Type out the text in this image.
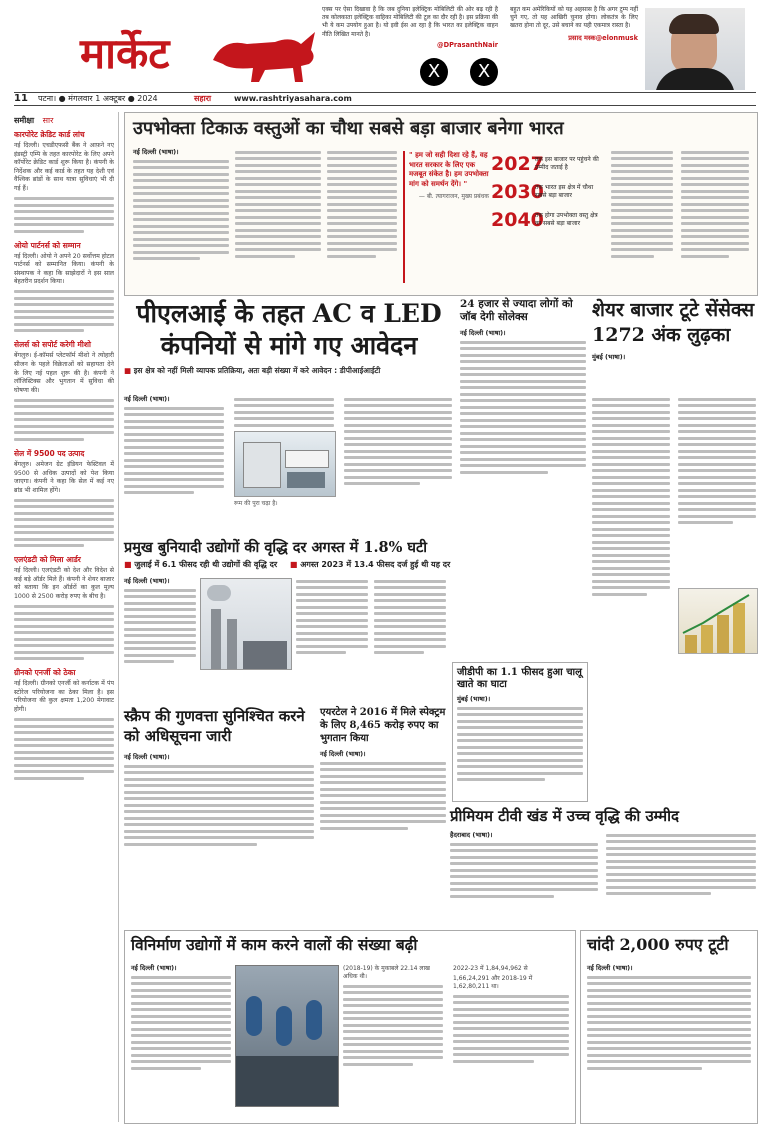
मार्केट
एक्स पर ऐसा दिखावा है कि जब दुनिया इलेक्ट्रिक मोबिलिटी की ओर बढ़ रही है तब कोलकाता इलेक्ट्रिक वाहिका मोबिलिटी की टूल का दौर रही है। इस प्रक्रिया की भी ये कम उपयोग हुआ है। यो इवी ईस आ रहा है कि भारत का इलेक्ट्रिक वाहन नीति लिखित मानते है।
@DPrasanthNair
X	X
बहुत कम अमेरिकियों को यह अहसास है कि अगर टुम्प नहीं चुने गए, तो यह आखिरी चुनाव होगा। लोकतंत्र के लिए खतरा होना तो दूर, उसे बचाने का यही एकमात्र रास्ता है।
प्रसाद मस्क@elonmusk
11 पटना। ● मंगलवार 1 अक्टूबर ● 2024	सहारा	www.rashtriyasahara.com
समीक्षा सार
कारपोरेट क्रेडिट कार्ड लांच
नई दिल्ली। एचडीएफसी बैंक ने आफ़ने नए इंडस्ट्री एम्पि के तहत कारपोरेट के लिए अपने कॉर्पोरेट क्रेडिट कार्ड शुरू किया है। कंपनी के निर्देशक और कई कार्ड के तहत यह देशी एवं वैश्विक ब्रांडों के साथ यात्रा सुविधाएं भी दी गई हैं।
ओयो पार्टनर्स को सम्मान
नई दिल्ली। ओयो ने अपने 20 सर्वोत्तम होटल पार्टनर्स को सम्मानित किया। कंपनी के संस्थापक ने कहा कि साझेदारों ने इस साल बेहतरीन प्रदर्शन किया।
सेलर्स को सपोर्ट करेगी मीशो
बेंगलुरु। ई-कॉमर्स प्लेटफॉर्म मीशो ने त्योहारी सीजन के पहले विक्रेताओं को सहायता देने के लिए नई पहल शुरू की है। कंपनी ने लॉजिस्टिक्स और भुगतान में सुविधा की घोषणा की।
सेल में 9500 पद उत्पाद
बेंगलुरु। अमेजन ग्रेट इंडियन फेस्टिवल में 9500 से अधिक उत्पादों को पेश किया जाएगा। कंपनी ने कहा कि सेल में कई नए ब्रांड भी शामिल होंगे।
एलएंडटी को मिला आर्डर
नई दिल्ली। एलएंडटी को देश और विदेश से कई बड़े ऑर्डर मिले हैं। कंपनी ने शेयर बाजार को बताया कि इन ऑर्डरों का कुल मूल्य 1000 से 2500 करोड़ रुपए के बीच है।
ग्रीनको एनर्जी को ठेका
नई दिल्ली। ग्रीनको एनर्जी को कर्नाटक में पंप स्टोरेज परियोजना का ठेका मिला है। इस परियोजना की कुल क्षमता 1,200 मेगावाट होगी।
उपभोक्ता टिकाऊ वस्तुओं का चौथा सबसे बड़ा बाजार बनेगा भारत
नई दिल्ली (भाषा)।	" हम जो सही दिशा रहे हैं, वह भारत सरकार के लिए एक मजबूत संकेत है। हम उपभोक्ता मांग को समर्थन देंगे। "
— बी. त्यागराजन, मुख्य प्रबंधक
2027
तक इस बाजार पर पहुंचने की उम्मीद जताई है
2030
तक भारत इस क्षेत्र में चौथा सबसे बड़ा बाजार
2040
तक होगा उपभोक्ता वस्तु क्षेत्र का सबसे बड़ा बाजार
पीएलआई के तहत AC व LED
कंपनियों से मांगे गए आवेदन
■ इस क्षेत्र को नहीं मिली व्यापक प्रतिक्रिया, अतः बड़ी संख्या में करे आवेदन : डीपीआईआईटी
नई दिल्ली (भाषा)।
रूम की पुरा चढ़ा है।
24 हजार से ज्यादा लोगों को जॉब देगी सोलेक्स
नई दिल्ली (भाषा)।
शेयर बाजार टूटे सेंसेक्स 1272 अंक लुढ़का
मुंबई (भाषा)।
प्रमुख बुनियादी उद्योगों की वृद्धि दर अगस्त में 1.8% घटी
■ जुलाई में 6.1 फीसद रही थी उद्योगों की वृद्धि दर ■ अगस्त 2023 में 13.4 फीसद दर्ज हुई थी यह दर
नई दिल्ली (भाषा)।
जीडीपी का 1.1 फीसद हुआ चालू खाते का घाटा
मुंबई (भाषा)।
स्क्रैप की गुणवत्ता सुनिश्चित करने को अधिसूचना जारी
नई दिल्ली (भाषा)।
एयरटेल ने 2016 में मिले स्पेक्ट्रम के लिए 8,465 करोड़ रुपए का भुगतान किया
नई दिल्ली (भाषा)।
प्रीमियम टीवी खंड में उच्च वृद्धि की उम्मीद
हैदराबाद (भाषा)।
विनिर्माण उद्योगों में काम करने वालों की संख्या बढ़ी
नई दिल्ली (भाषा)।	(2018-19) के मुकाबले 22.14 लाख अधिक थी।
2022-23 में 1,84,94,962 से
1,66,24,291 और 2018-19 में 1,62,80,211 था।
चांदी 2,000 रुपए टूटी
नई दिल्ली (भाषा)।
